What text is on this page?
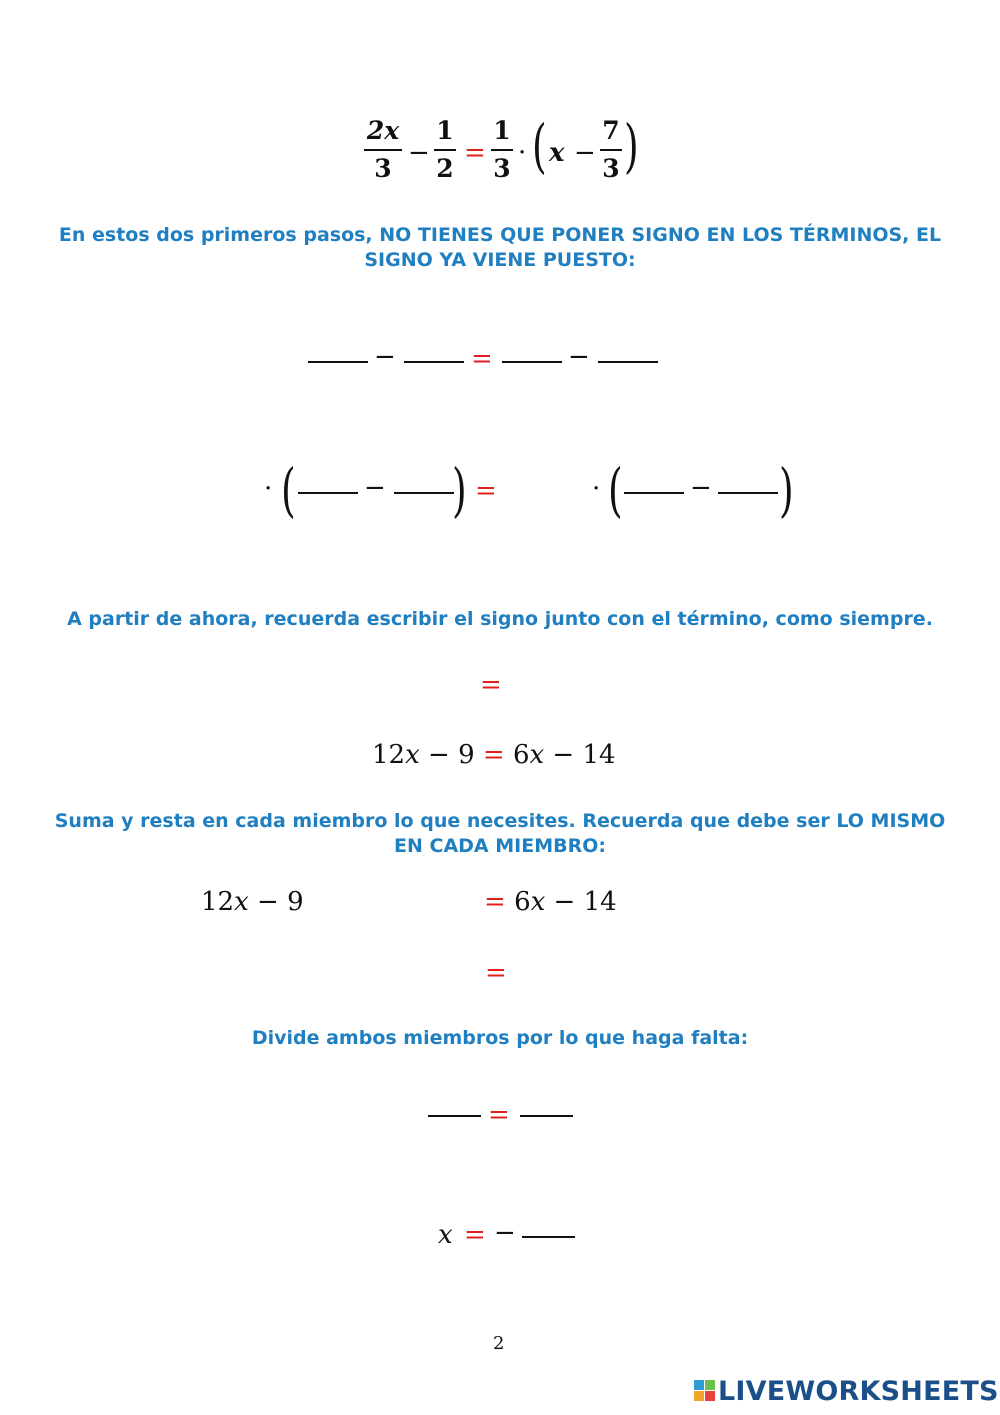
2x
3
−
1
2
=
1
3
· ( x −
7
3 )
En estos dos primeros pasos, NO TIENES QUE PONER SIGNO EN LOS TÉRMINOS, EL SIGNO YA VIENE PUESTO:
−	=	−
· (	− ) =	· (	− )
A partir de ahora, recuerda escribir el signo junto con el término, como siempre.
=
12x − 9 = 6x − 14
Suma y resta en cada miembro lo que necesites. Recuerda que debe ser LO MISMO EN CADA MIEMBRO:
12x − 9	= 6x − 14
=
Divide ambos miembros por lo que haga falta:
=
x = −
2
LIVEWORKSHEETS
